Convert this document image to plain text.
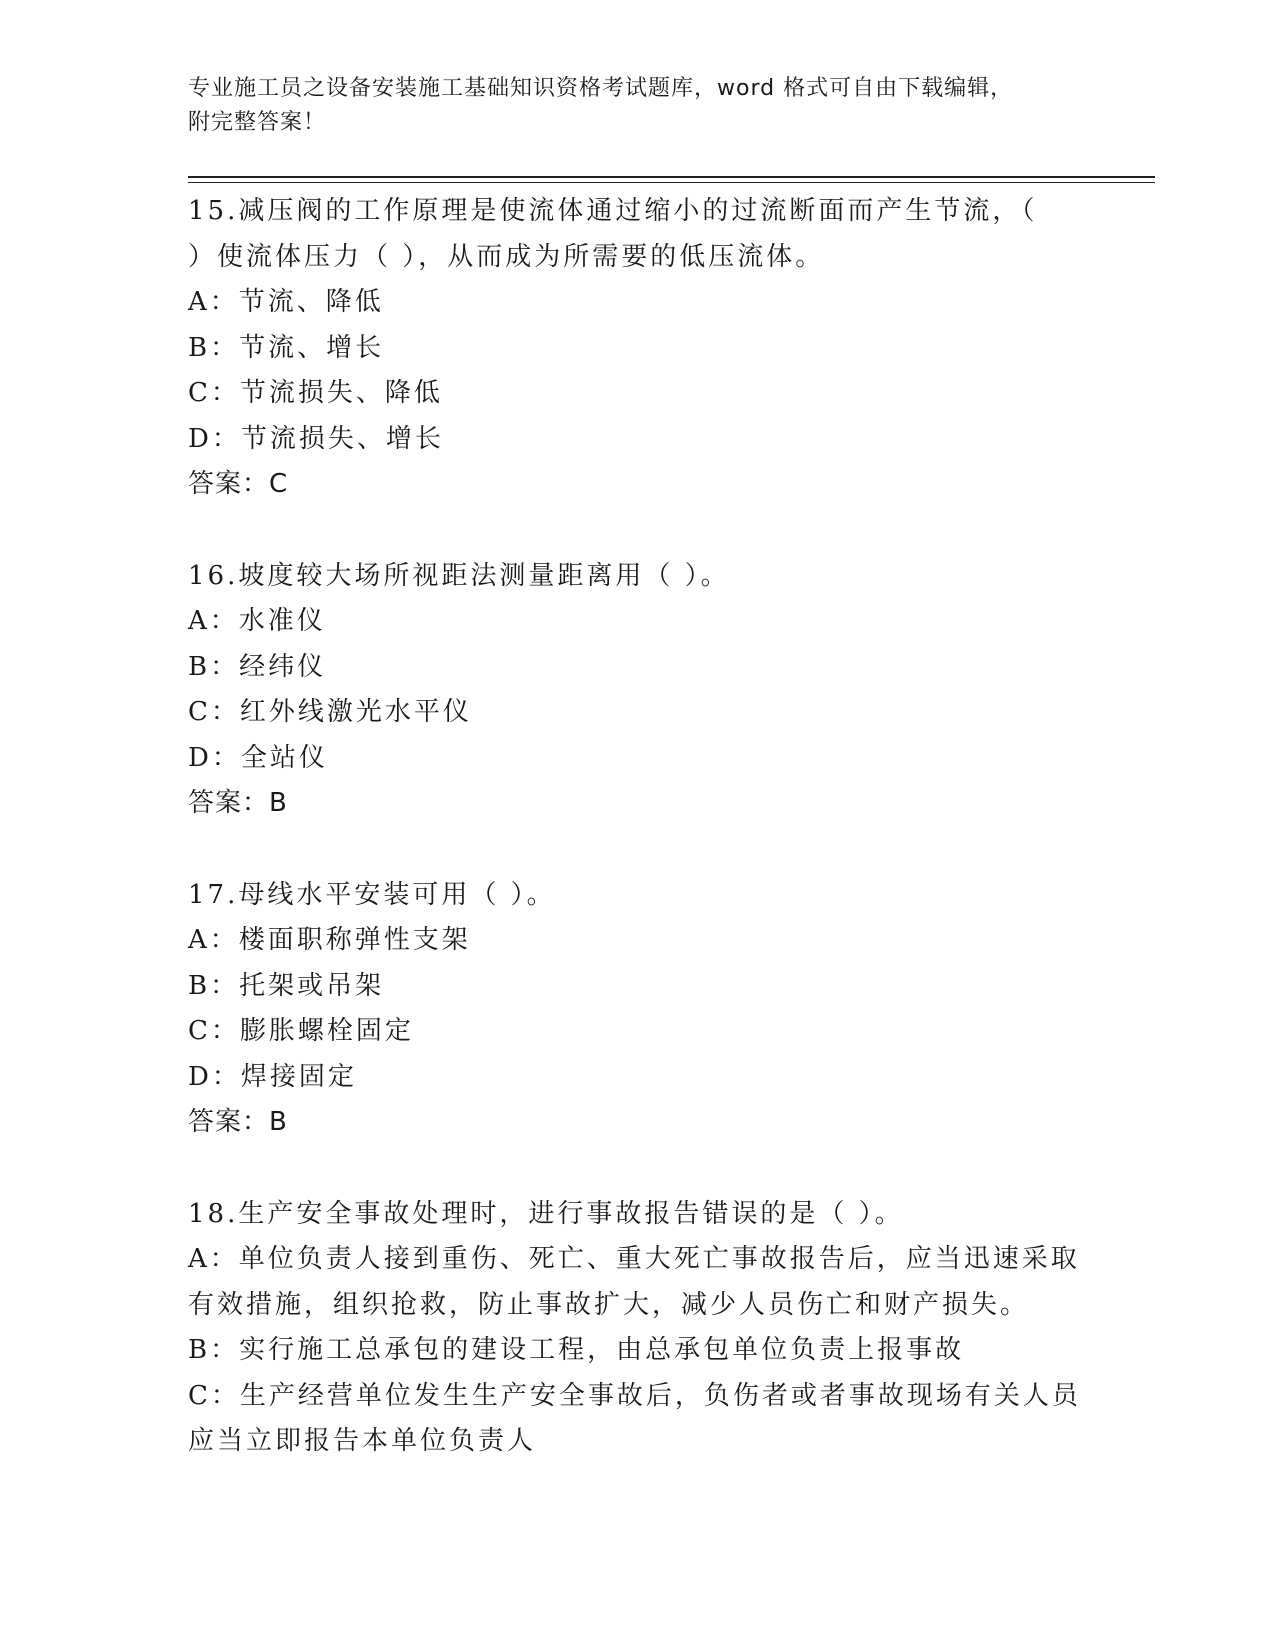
专业施工员之设备安装施工基础知识资格考试题库，word 格式可自由下载编辑，
附完整答案！

15.减压阀的工作原理是使流体通过缩小的过流断面而产生节流，（

）使流体压力（ ），从而成为所需要的低压流体。

A：节流、降低

B：节流、增长

C：节流损失、降低

D：节流损失、增长

答案：C

16.坡度较大场所视距法测量距离用（ ）。

A：水准仪

B：经纬仪

C：红外线激光水平仪

D：全站仪

答案：B

17.母线水平安装可用（ ）。

A：楼面职称弹性支架

B：托架或吊架

C：膨胀螺栓固定

D：焊接固定

答案：B

18.生产安全事故处理时，进行事故报告错误的是（ ）。

A：单位负责人接到重伤、死亡、重大死亡事故报告后，应当迅速采取

有效措施，组织抢救，防止事故扩大，减少人员伤亡和财产损失。

B：实行施工总承包的建设工程，由总承包单位负责上报事故

C：生产经营单位发生生产安全事故后，负伤者或者事故现场有关人员

应当立即报告本单位负责人
